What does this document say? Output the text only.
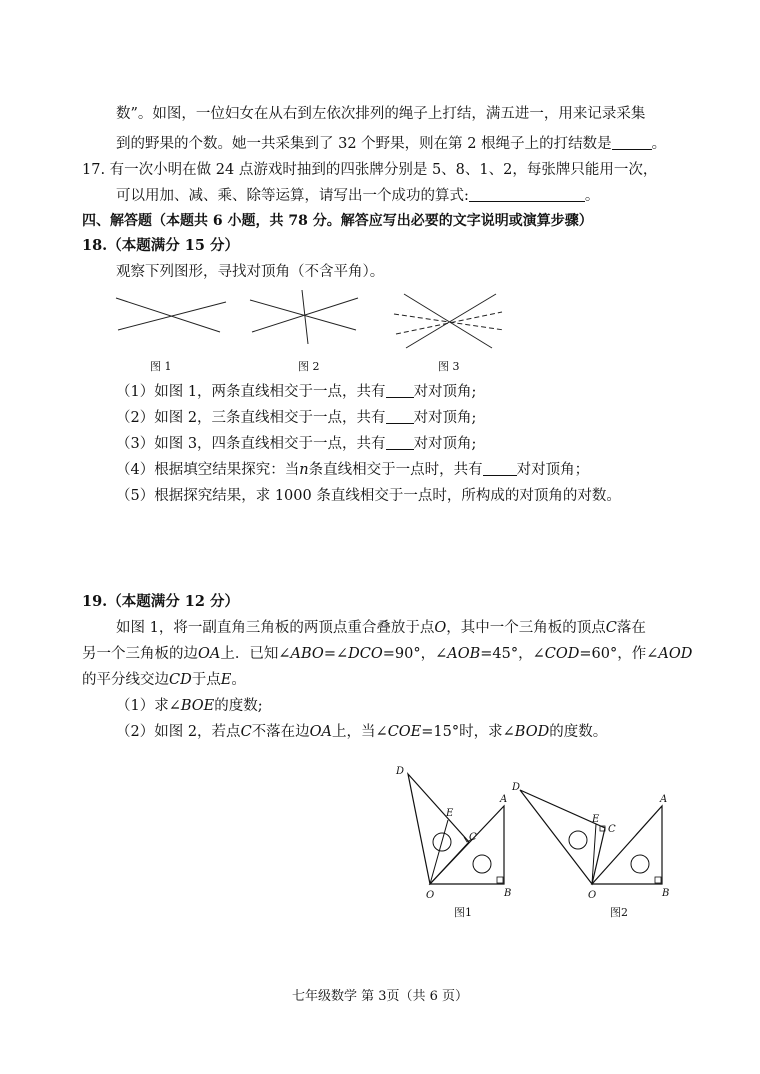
数”。如图，一位妇女在从右到左依次排列的绳子上打结，满五进一，用来记录采集
到的野果的个数。她一共采集到了 32 个野果，则在第 2 根绳子上的打结数是	。
17. 有一次小明在做 24 点游戏时抽到的四张牌分别是 5、8、1、2，每张牌只能用一次，
可以用加、减、乘、除等运算，请写出一个成功的算式:	。
四、解答题（本题共 6 小题，共 78 分。解答应写出必要的文字说明或演算步骤）
18.（本题满分 15 分）
观察下列图形，寻找对顶角（不含平角）。
图 1	图 2	图 3
（1）如图 1，两条直线相交于一点，共有 对对顶角;
（2）如图 2，三条直线相交于一点，共有 对对顶角;
（3）如图 3，四条直线相交于一点，共有 对对顶角;
（4）根据填空结果探究：当n条直线相交于一点时，共有 对对顶角；
（5）根据探究结果，求 1000 条直线相交于一点时，所构成的对顶角的对数。
19.（本题满分 12 分）
如图 1，将一副直角三角板的两顶点重合叠放于点O，其中一个三角板的顶点C落在
另一个三角板的边OA上．已知∠ABO=∠DCO=90°，∠AOB=45°，∠COD=60°，作∠AOD
的平分线交边CD于点E。
（1）求∠BOE的度数;
（2）如图 2，若点C不落在边OA上，当∠COE=15°时，求∠BOD的度数。
D
E
C
A
O	B
图1
D
E
C
A
O	B
图2
七年级数学 第 3页（共 6 页）
